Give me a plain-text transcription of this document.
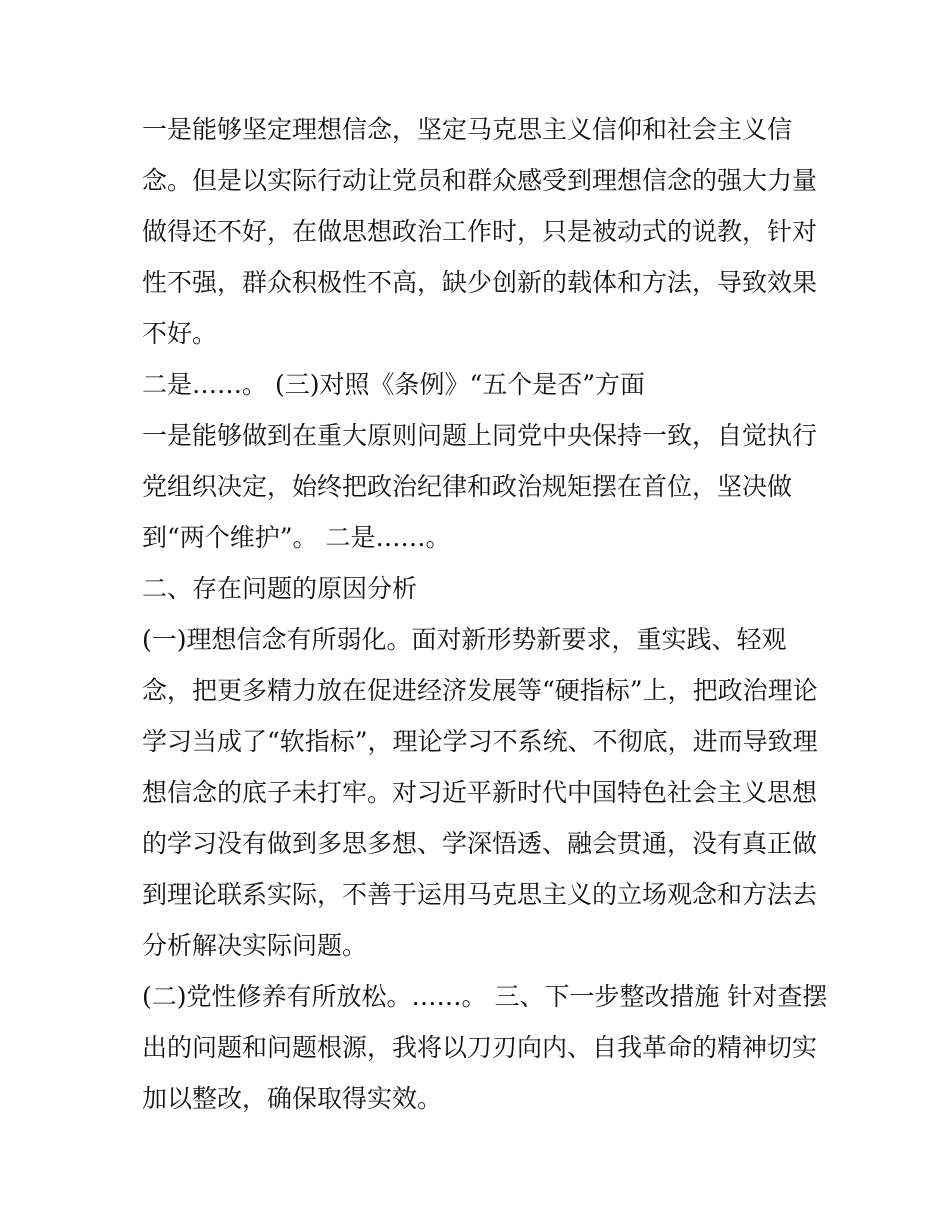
一是能够坚定理想信念，坚定马克思主义信仰和社会主义信
念。但是以实际行动让党员和群众感受到理想信念的强大力量
做得还不好，在做思想政治工作时，只是被动式的说教，针对
性不强，群众积极性不高，缺少创新的载体和方法，导致效果
不好。
二是……。 (三)对照《条例》“五个是否”方面
一是能够做到在重大原则问题上同党中央保持一致，自觉执行
党组织决定，始终把政治纪律和政治规矩摆在首位，坚决做
到“两个维护”。 二是……。
二、存在问题的原因分析
(一)理想信念有所弱化。面对新形势新要求，重实践、轻观
念，把更多精力放在促进经济发展等“硬指标”上，把政治理论
学习当成了“软指标”，理论学习不系统、不彻底，进而导致理
想信念的底子未打牢。对习近平新时代中国特色社会主义思想
的学习没有做到多思多想、学深悟透、融会贯通，没有真正做
到理论联系实际，不善于运用马克思主义的立场观念和方法去
分析解决实际问题。
(二)党性修养有所放松。……。 三、下一步整改措施 针对查摆
出的问题和问题根源，我将以刀刃向内、自我革命的精神切实
加以整改，确保取得实效。
